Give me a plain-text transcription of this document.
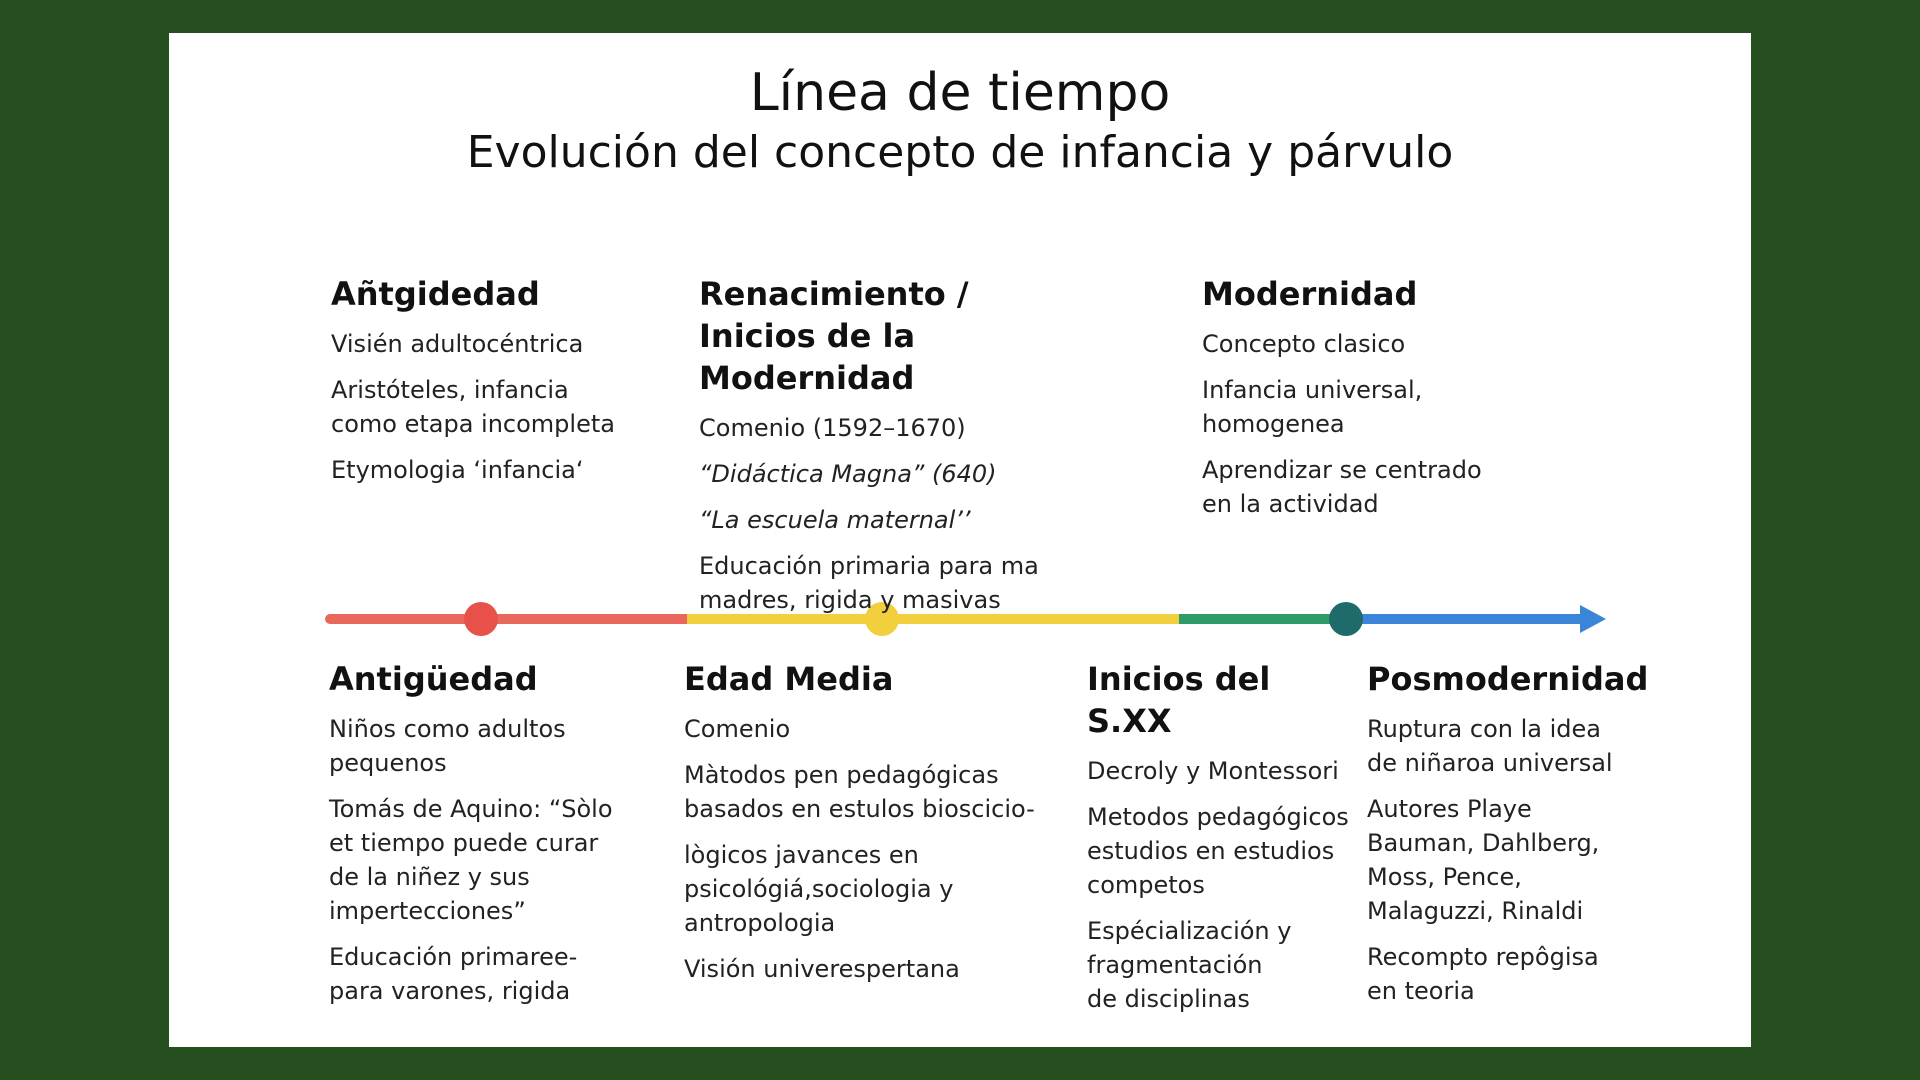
Línea de tiempo
Evolución del concepto de infancia y párvulo
Añtgidedad
Visién adultocéntrica
Aristóteles, infancia
como etapa incompleta
Etymologia ‘infancia‘
Renacimiento /
Inicios de la Modernidad
Comenio (1592–1670)
“Didáctica Magna” (640)
“La escuela maternal’’
Educación primaria para ma
madres, rigida y masivas
Modernidad
Concepto clasico
Infancia universal,
homogenea
Aprendizar se centrado
en la actividad
Antigüedad
Niños como adultos
pequenos
Tomás de Aquino: “Sòlo
et tiempo puede curar
de la niñez y sus
impertecciones”
Educación primaree-
para varones, rigida
Edad Media
Comenio
Màtodos pen pedagógicas
basados en estulos bioscicio-
lògicos javances en
psicológiá,sociologia y
antropologia
Visión univerespertana
Inicios del S.XX
Decroly y Montessori
Metodos pedagógicos
estudios en estudios
competos
Espécialización y
fragmentación
de disciplinas
Posmodernidad
Ruptura con la idea
de niñaroa universal
Autores Playe
Bauman, Dahlberg,
Moss, Pence,
Malaguzzi, Rinaldi
Recompto repôgisa
en teoria
